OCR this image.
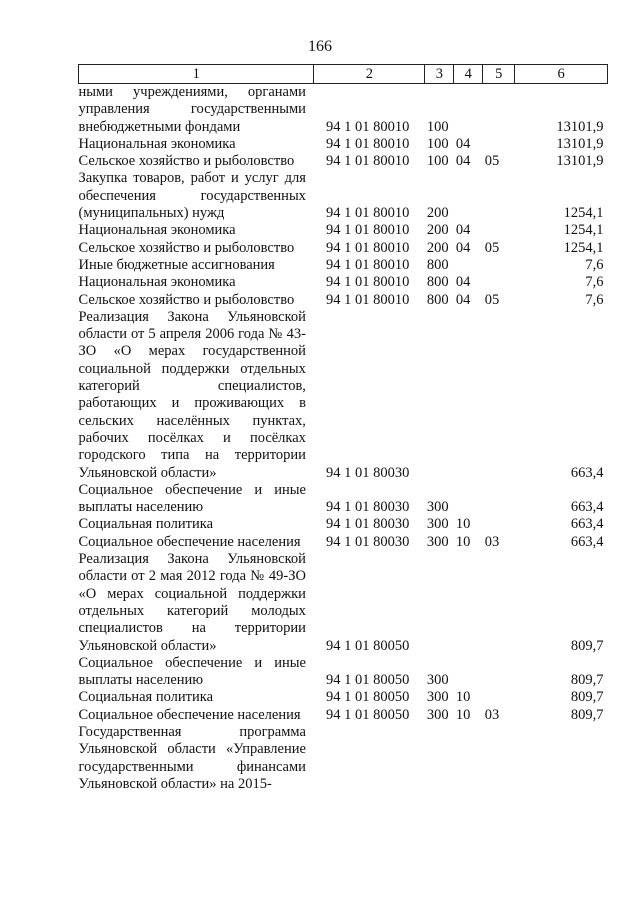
166
1	2	3	4	5	6
ными учреждениями, органами управления государственными внебюджетными фондами	94 1 01 80010	100			13101,9
Национальная экономика	94 1 01 80010	100	04		13101,9
Сельское хозяйство и рыболовство	94 1 01 80010	100	04	05	13101,9
Закупка товаров, работ и услуг для обеспечения государственных (муниципальных) нужд	94 1 01 80010	200			1254,1
Национальная экономика	94 1 01 80010	200	04		1254,1
Сельское хозяйство и рыболовство	94 1 01 80010	200	04	05	1254,1
Иные бюджетные ассигнования	94 1 01 80010	800			7,6
Национальная экономика	94 1 01 80010	800	04		7,6
Сельское хозяйство и рыболовство	94 1 01 80010	800	04	05	7,6
Реализация Закона Ульяновской области от 5 апреля 2006 года № 43-ЗО «О мерах государственной социальной поддержки отдельных категорий специалистов, работающих и проживающих в сельских населённых пунктах, рабочих посёлках и посёлках городского типа на территории Ульяновской области»	94 1 01 80030				663,4
Социальное обеспечение и иные выплаты населению	94 1 01 80030	300			663,4
Социальная политика	94 1 01 80030	300	10		663,4
Социальное обеспечение населения	94 1 01 80030	300	10	03	663,4
Реализация Закона Ульяновской области от 2 мая 2012 года № 49-ЗО «О мерах социальной поддержки отдельных категорий молодых специалистов на территории Ульяновской области»	94 1 01 80050				809,7
Социальное обеспечение и иные выплаты населению	94 1 01 80050	300			809,7
Социальная политика	94 1 01 80050	300	10		809,7
Социальное обеспечение населения	94 1 01 80050	300	10	03	809,7
Государственная программа Ульяновской области «Управление государственными финансами Ульяновской области» на 2015-					
